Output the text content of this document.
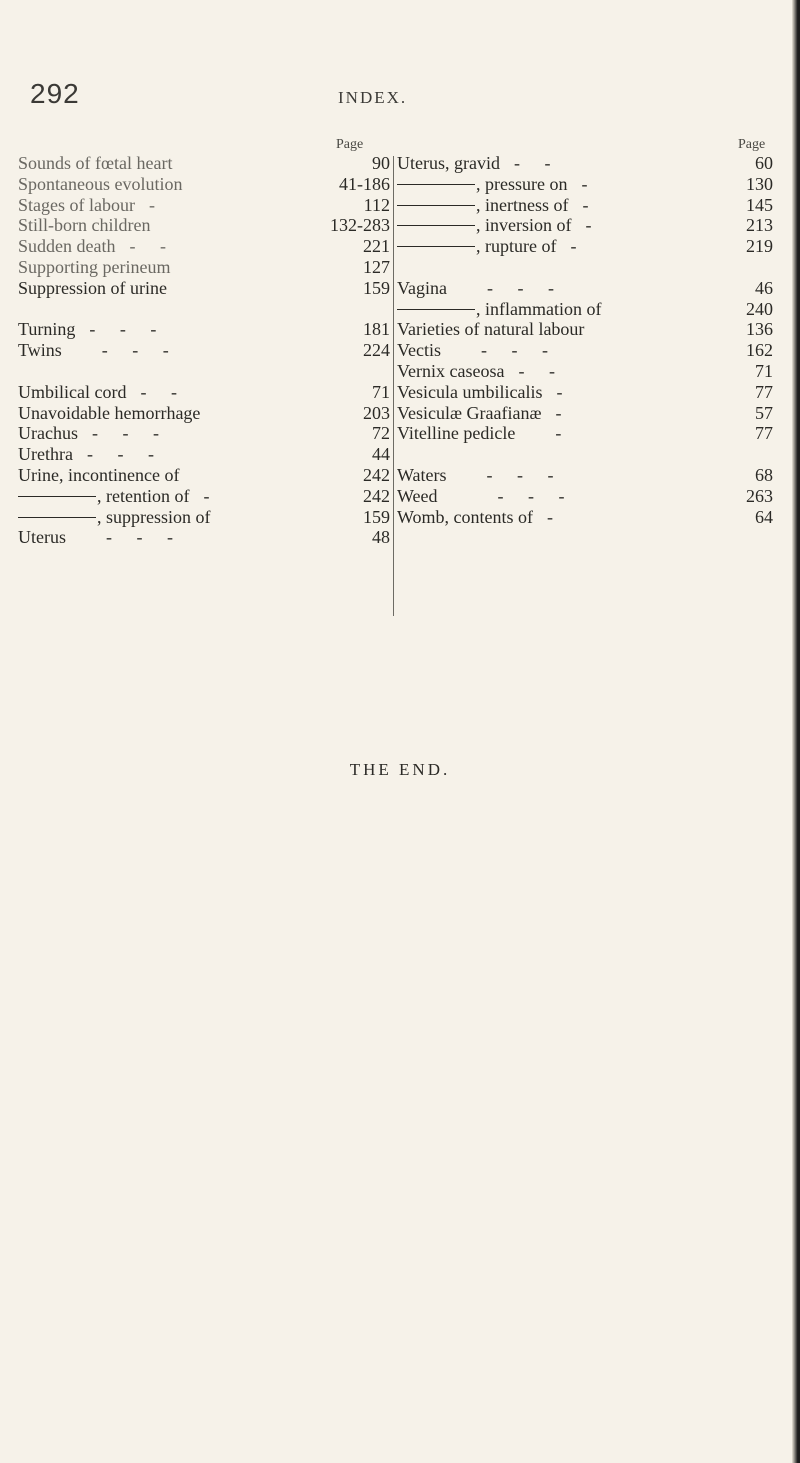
292	INDEX.
Page	Page
Sounds of fœtal heart	90
Spontaneous evolution	41-186
Stages of labour -	112
Still-born children	132-283
Sudden death - -	221
Supporting perineum	127
Suppression of urine	159
Turning - - -	181
Twins - - -	224
Umbilical cord - -	71
Unavoidable hemorrhage	203
Urachus - - -	72
Urethra - - -	44
Urine, incontinence of	242
, retention of -	242
, suppression of	159
Uterus - - -	48
Uterus, gravid - -	60
, pressure on -	130
, inertness of -	145
, inversion of -	213
, rupture of -	219
Vagina - - -	46
, inflammation of	240
Varieties of natural labour	136
Vectis - - -	162
Vernix caseosa - -	71
Vesicula umbilicalis -	77
Vesiculæ Graafianæ -	57
Vitelline pedicle -	77
Waters - - -	68
Weed	- - -	263
Womb, contents of -	64
THE END.
